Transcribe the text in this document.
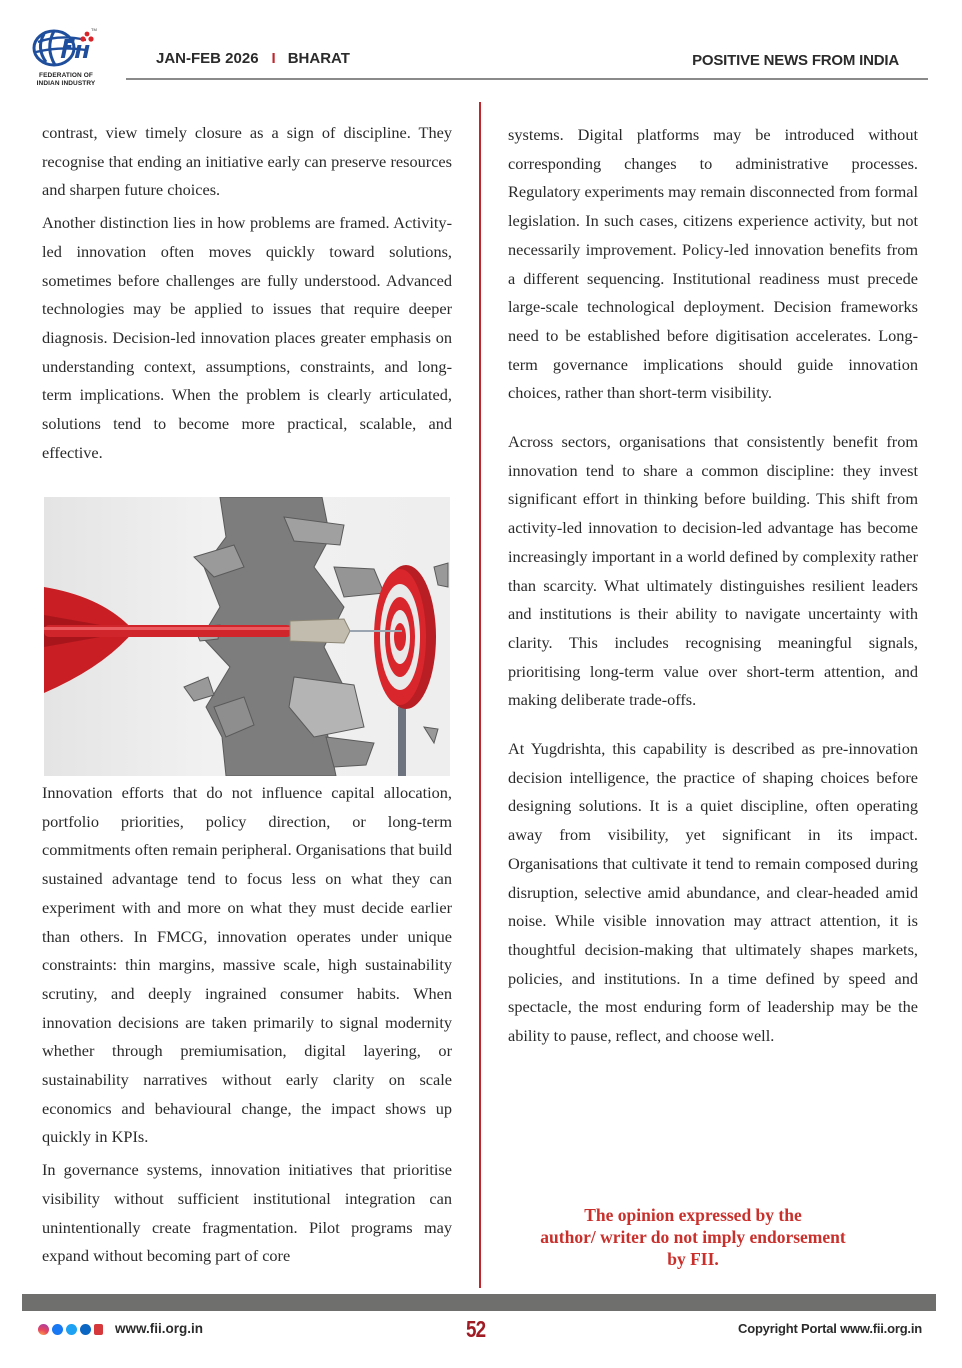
TM
FEDERATION OF
INDIAN INDUSTRY
JAN-FEB 2026 I BHARAT	POSITIVE NEWS FROM INDIA

contrast, view timely closure as a sign of discipline. They recognise that ending an initiative early can preserve resources and sharpen future choices.

Another distinction lies in how problems are framed. Activity-led innovation often moves quickly toward solutions, sometimes before challenges are fully understood. Advanced technologies may be applied to issues that require deeper diagnosis. Decision-led innovation places greater emphasis on understanding context, assumptions, constraints, and long-term implications. When the problem is clearly articulated, solutions tend to become more practical, scalable, and effective.

Innovation efforts that do not influence capital allocation, portfolio priorities, policy direction, or long-term commitments often remain peripheral. Organisations that build sustained advantage tend to focus less on what they can experiment with and more on what they must decide earlier than others. In FMCG, innovation operates under unique constraints: thin margins, massive scale, high sustainability scrutiny, and deeply ingrained consumer habits. When innovation decisions are taken primarily to signal modernity whether through premiumisation, digital layering, or sustainability narratives without early clarity on scale economics and behavioural change, the impact shows up quickly in KPIs.

In governance systems, innovation initiatives that prioritise visibility without sufficient institutional integration can unintentionally create fragmentation. Pilot programs may expand without becoming part of core

systems. Digital platforms may be introduced without corresponding changes to administrative processes. Regulatory experiments may remain disconnected from formal legislation. In such cases, citizens experience activity, but not necessarily improvement. Policy-led innovation benefits from a different sequencing. Institutional readiness must precede large-scale technological deployment. Decision frameworks need to be established before digitisation accelerates. Long-term governance implications should guide innovation choices, rather than short-term visibility.

Across sectors, organisations that consistently benefit from innovation tend to share a common discipline: they invest significant effort in thinking before building. This shift from activity-led innovation to decision-led advantage has become increasingly important in a world defined by complexity rather than scarcity. What ultimately distinguishes resilient leaders and institutions is their ability to navigate uncertainty with clarity. This includes recognising meaningful signals, prioritising long-term value over short-term attention, and making deliberate trade-offs.

At Yugdrishta, this capability is described as pre-innovation decision intelligence, the practice of shaping choices before designing solutions. It is a quiet discipline, often operating away from visibility, yet significant in its impact. Organisations that cultivate it tend to remain composed during disruption, selective amid abundance, and clear-headed amid noise. While visible innovation may attract attention, it is thoughtful decision-making that ultimately shapes markets, policies, and institutions. In a time defined by speed and spectacle, the most enduring form of leadership may be the ability to pause, reflect, and choose well.

The opinion expressed by the
author/ writer do not imply endorsement
by FII.
www.fii.org.in	52	Copyright Portal www.fii.org.in
